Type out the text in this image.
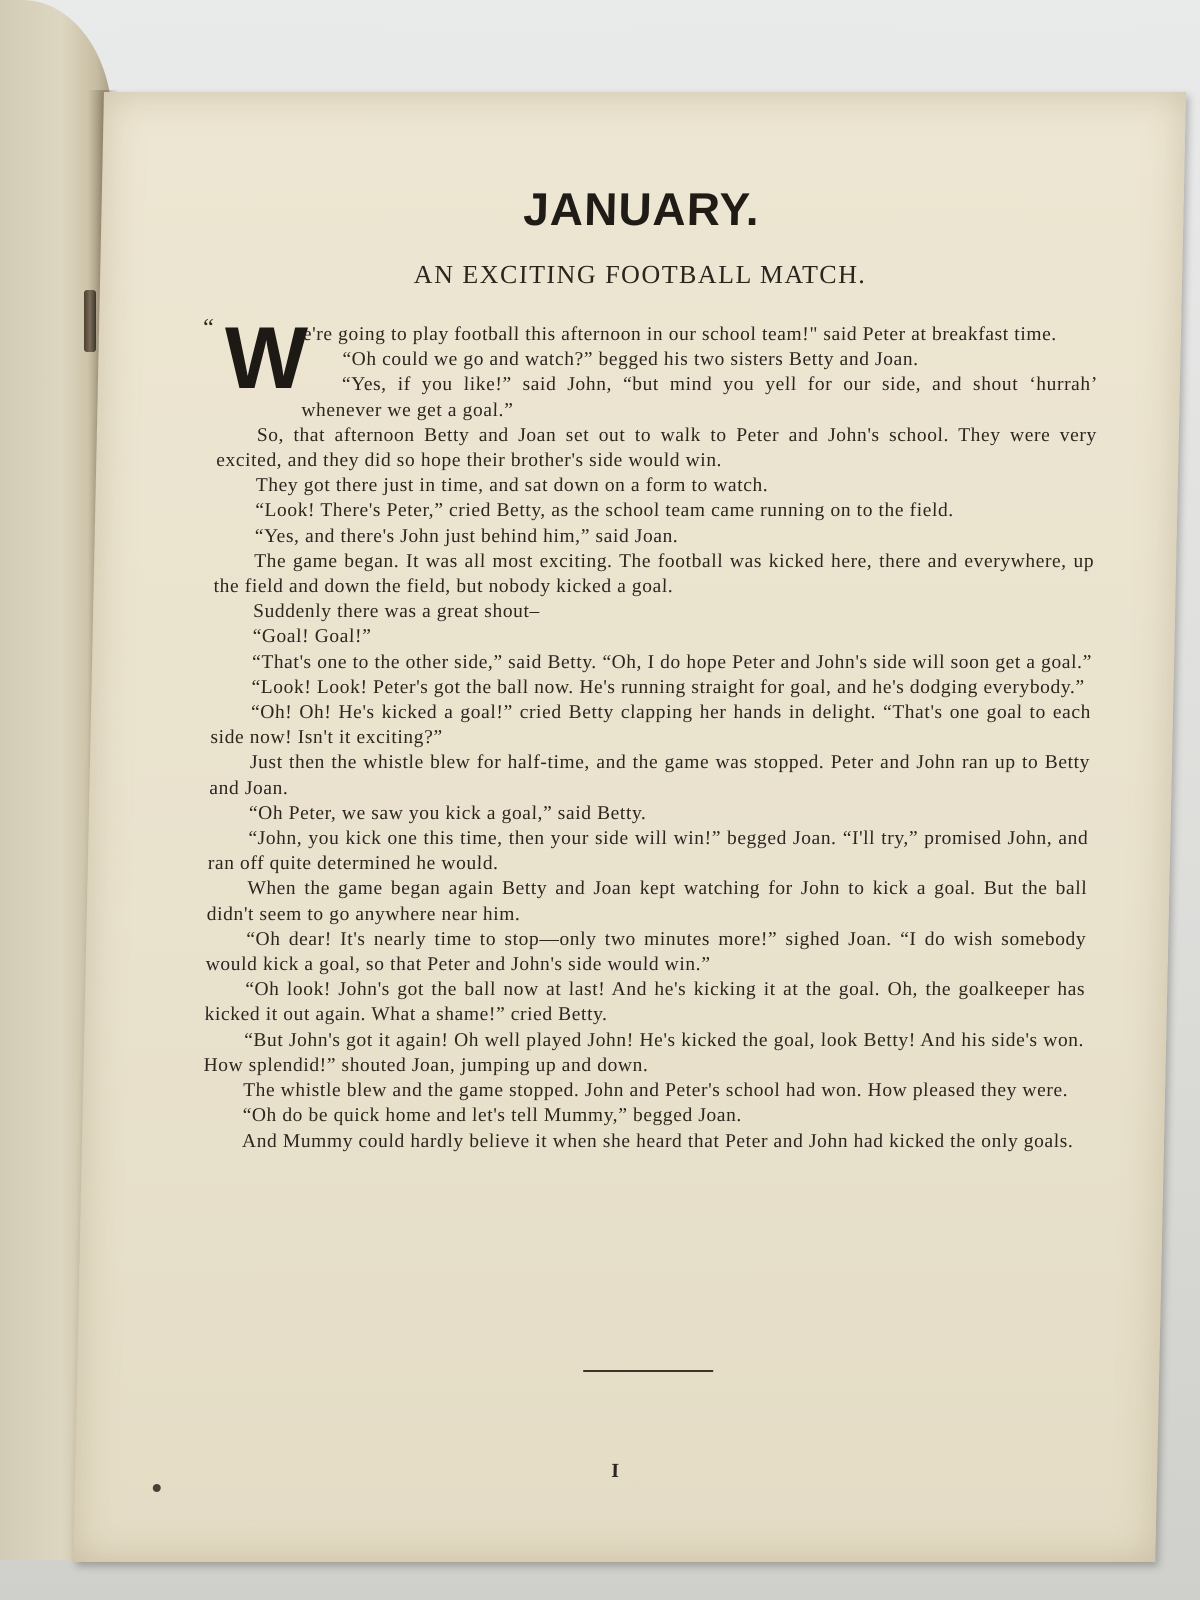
JANUARY.
AN EXCITING FOOTBALL MATCH.

“ W
e're going to play football this afternoon in our school team!" said Peter at breakfast time.

“Oh could we go and watch?” begged his two sisters Betty and Joan.

“Yes, if you like!” said John, “but mind you yell for our side, and shout ‘hurrah’ whenever we get a goal.”

So, that afternoon Betty and Joan set out to walk to Peter and John's school. They were very excited, and they did so hope their brother's side would win.

They got there just in time, and sat down on a form to watch.

“Look! There's Peter,” cried Betty, as the school team came running on to the field.

“Yes, and there's John just behind him,” said Joan.

The game began. It was all most exciting. The football was kicked here, there and everywhere, up the field and down the field, but nobody kicked a goal.

Suddenly there was a great shout–

“Goal! Goal!”

“That's one to the other side,” said Betty. “Oh, I do hope Peter and John's side will soon get a goal.”

“Look! Look! Peter's got the ball now. He's running straight for goal, and he's dodging everybody.”

“Oh! Oh! He's kicked a goal!” cried Betty clapping her hands in delight. “That's one goal to each side now! Isn't it exciting?”

Just then the whistle blew for half-time, and the game was stopped. Peter and John ran up to Betty and Joan.

“Oh Peter, we saw you kick a goal,” said Betty.

“John, you kick one this time, then your side will win!” begged Joan. “I'll try,” promised John, and ran off quite determined he would.

When the game began again Betty and Joan kept watching for John to kick a goal. But the ball didn't seem to go anywhere near him.

“Oh dear! It's nearly time to stop—only two minutes more!” sighed Joan. “I do wish somebody would kick a goal, so that Peter and John's side would win.”

“Oh look! John's got the ball now at last! And he's kicking it at the goal. Oh, the goalkeeper has kicked it out again. What a shame!” cried Betty.

“But John's got it again! Oh well played John! He's kicked the goal, look Betty! And his side's won. How splendid!” shouted Joan, jumping up and down.

The whistle blew and the game stopped. John and Peter's school had won. How pleased they were.

“Oh do be quick home and let's tell Mummy,” begged Joan.

And Mummy could hardly believe it when she heard that Peter and John had kicked the only goals.

I
